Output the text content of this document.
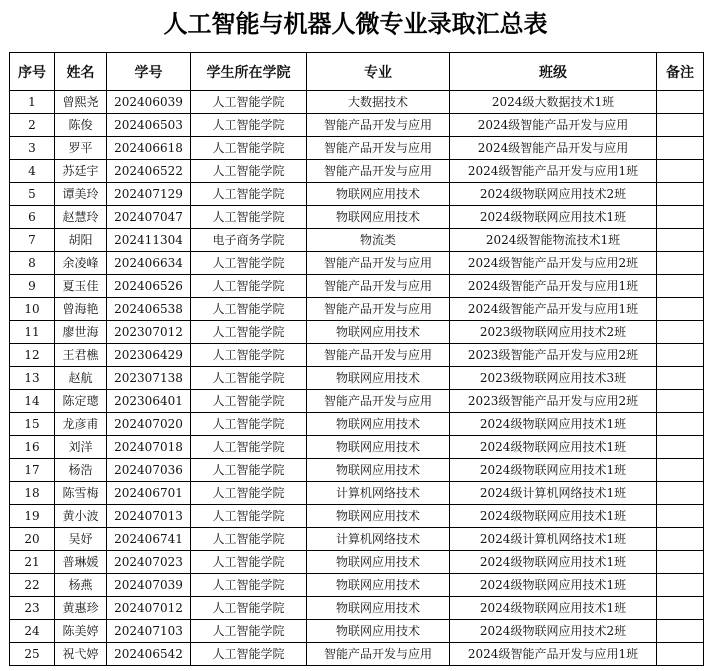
人工智能与机器人微专业录取汇总表
序号	姓名	学号	学生所在学院	专业	班级	备注
1	曾熙尧	202406039	人工智能学院	大数据技术	2024级大数据技术1班	
2	陈俊	202406503	人工智能学院	智能产品开发与应用	2024级智能产品开发与应用	
3	罗平	202406618	人工智能学院	智能产品开发与应用	2024级智能产品开发与应用	
4	苏廷宇	202406522	人工智能学院	智能产品开发与应用	2024级智能产品开发与应用1班	
5	谭美玲	202407129	人工智能学院	物联网应用技术	2024级物联网应用技术2班	
6	赵慧玲	202407047	人工智能学院	物联网应用技术	2024级物联网应用技术1班	
7	胡阳	202411304	电子商务学院	物流类	2024级智能物流技术1班	
8	余凌峰	202406634	人工智能学院	智能产品开发与应用	2024级智能产品开发与应用2班	
9	夏玉佳	202406526	人工智能学院	智能产品开发与应用	2024级智能产品开发与应用1班	
10	曾海艳	202406538	人工智能学院	智能产品开发与应用	2024级智能产品开发与应用1班	
11	廖世海	202307012	人工智能学院	物联网应用技术	2023级物联网应用技术2班	
12	王君樵	202306429	人工智能学院	智能产品开发与应用	2023级智能产品开发与应用2班	
13	赵航	202307138	人工智能学院	物联网应用技术	2023级物联网应用技术3班	
14	陈定璁	202306401	人工智能学院	智能产品开发与应用	2023级智能产品开发与应用2班	
15	龙彦甫	202407020	人工智能学院	物联网应用技术	2024级物联网应用技术1班	
16	刘洋	202407018	人工智能学院	物联网应用技术	2024级物联网应用技术1班	
17	杨浩	202407036	人工智能学院	物联网应用技术	2024级物联网应用技术1班	
18	陈雪梅	202406701	人工智能学院	计算机网络技术	2024级计算机网络技术1班	
19	黄小波	202407013	人工智能学院	物联网应用技术	2024级物联网应用技术1班	
20	吴妤	202406741	人工智能学院	计算机网络技术	2024级计算机网络技术1班	
21	普琳媛	202407023	人工智能学院	物联网应用技术	2024级物联网应用技术1班	
22	杨燕	202407039	人工智能学院	物联网应用技术	2024级物联网应用技术1班	
23	黄惠珍	202407012	人工智能学院	物联网应用技术	2024级物联网应用技术1班	
24	陈美婷	202407103	人工智能学院	物联网应用技术	2024级物联网应用技术2班	
25	祝弋婷	202406542	人工智能学院	智能产品开发与应用	2024级智能产品开发与应用1班	
